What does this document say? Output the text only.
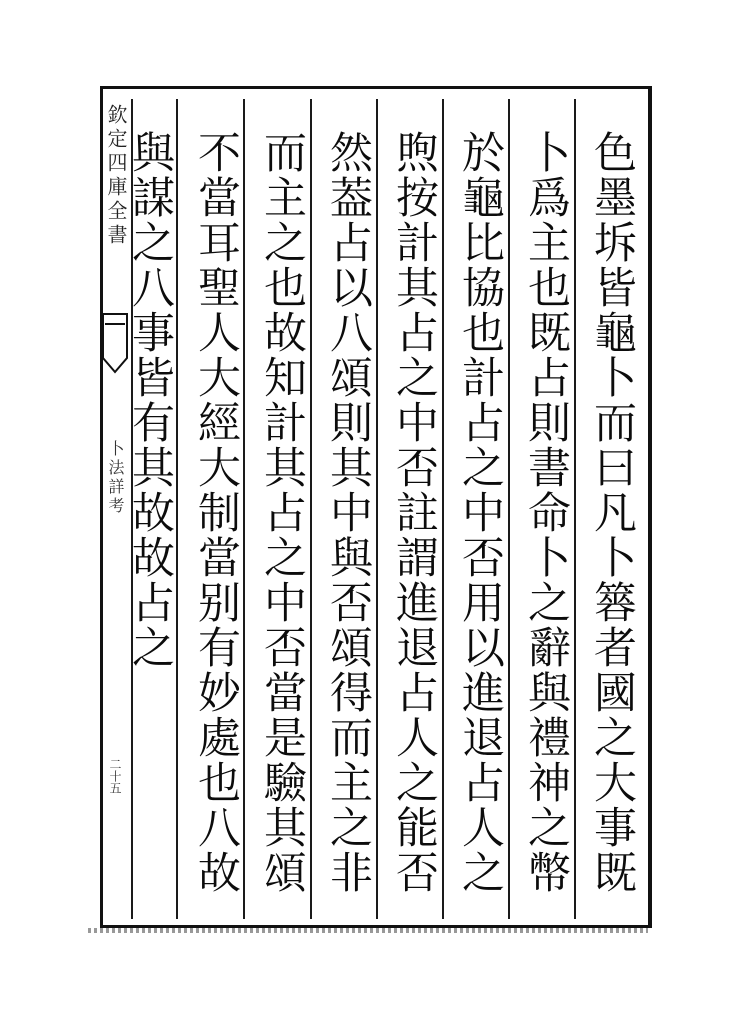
欽定四庫全書
卜法詳考
二十五
色墨坼皆龜卜而曰凡卜簭者國之大事既
卜爲主也既占則書命卜之辭與禮神之幣
於龜比協也計占之中否用以進退占人之
煦按計其占之中否註謂進退占人之能否
然葢占以八頌則其中與否頌得而主之非
而主之也故知計其占之中否當是驗其頌
不當耳聖人大經大制當别有妙處也八故
與謀之八事皆有其故故占之
